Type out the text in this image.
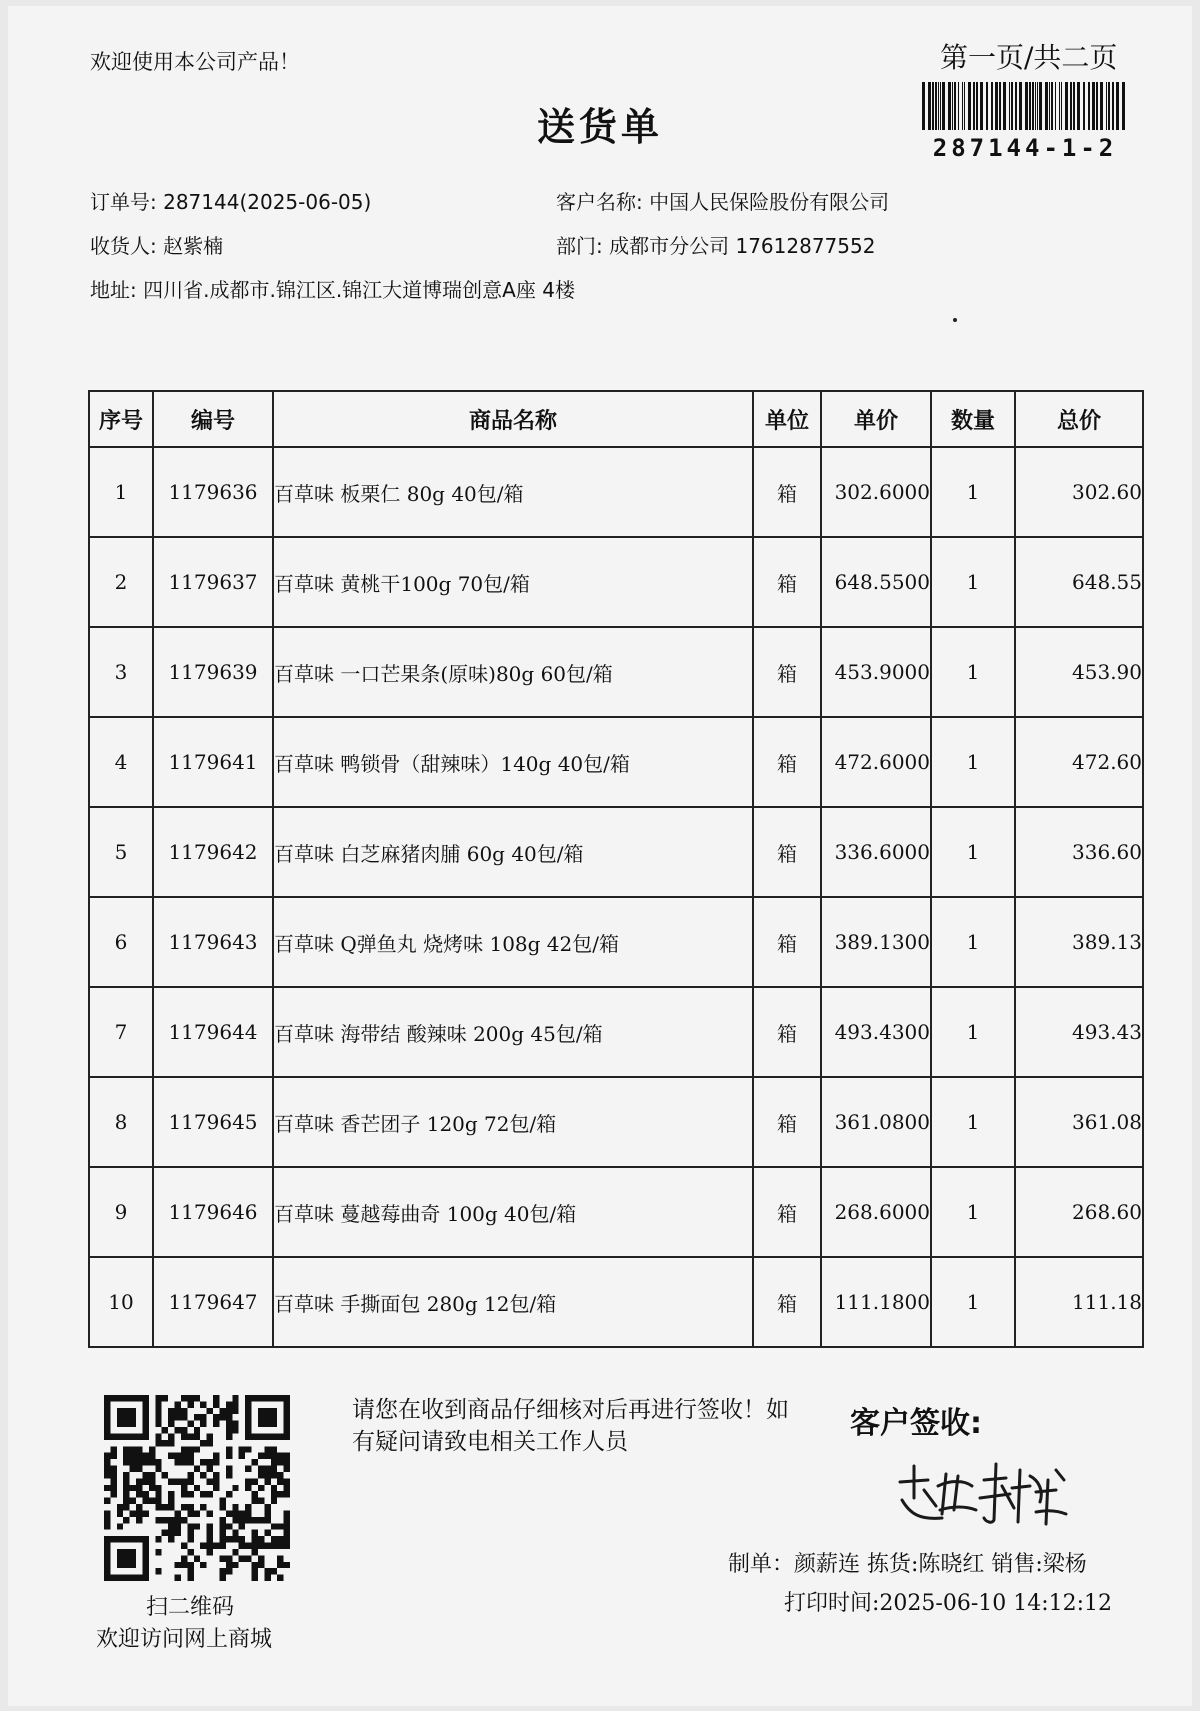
欢迎使用本公司产品！	第一页/共二页
287144-1-2
送货单
订单号: 287144(2025-06-05)
收货人: 赵紫楠
地址: 四川省.成都市.锦江区.锦江大道博瑞创意A座 4楼
客户名称: 中国人民保险股份有限公司
部门: 成都市分公司 17612877552
序号	编号	商品名称	单位	单价	数量	总价
1	1179636	百草味 板栗仁 80g 40包/箱	箱	302.6000	1	302.60
2	1179637	百草味 黄桃干100g 70包/箱	箱	648.5500	1	648.55
3	1179639	百草味 一口芒果条(原味)80g 60包/箱	箱	453.9000	1	453.90
4	1179641	百草味 鸭锁骨（甜辣味）140g 40包/箱	箱	472.6000	1	472.60
5	1179642	百草味 白芝麻猪肉脯 60g 40包/箱	箱	336.6000	1	336.60
6	1179643	百草味 Q弹鱼丸 烧烤味 108g 42包/箱	箱	389.1300	1	389.13
7	1179644	百草味 海带结 酸辣味 200g 45包/箱	箱	493.4300	1	493.43
8	1179645	百草味 香芒团子 120g 72包/箱	箱	361.0800	1	361.08
9	1179646	百草味 蔓越莓曲奇 100g 40包/箱	箱	268.6000	1	268.60
10	1179647	百草味 手撕面包 280g 12包/箱	箱	111.1800	1	111.18
扫二维码
欢迎访问网上商城
请您在收到商品仔细核对后再进行签收！如有疑问请致电相关工作人员
客户签收:
制单：颜薪连 拣货:陈晓红 销售:梁杨
打印时间:2025-06-10 14:12:12
